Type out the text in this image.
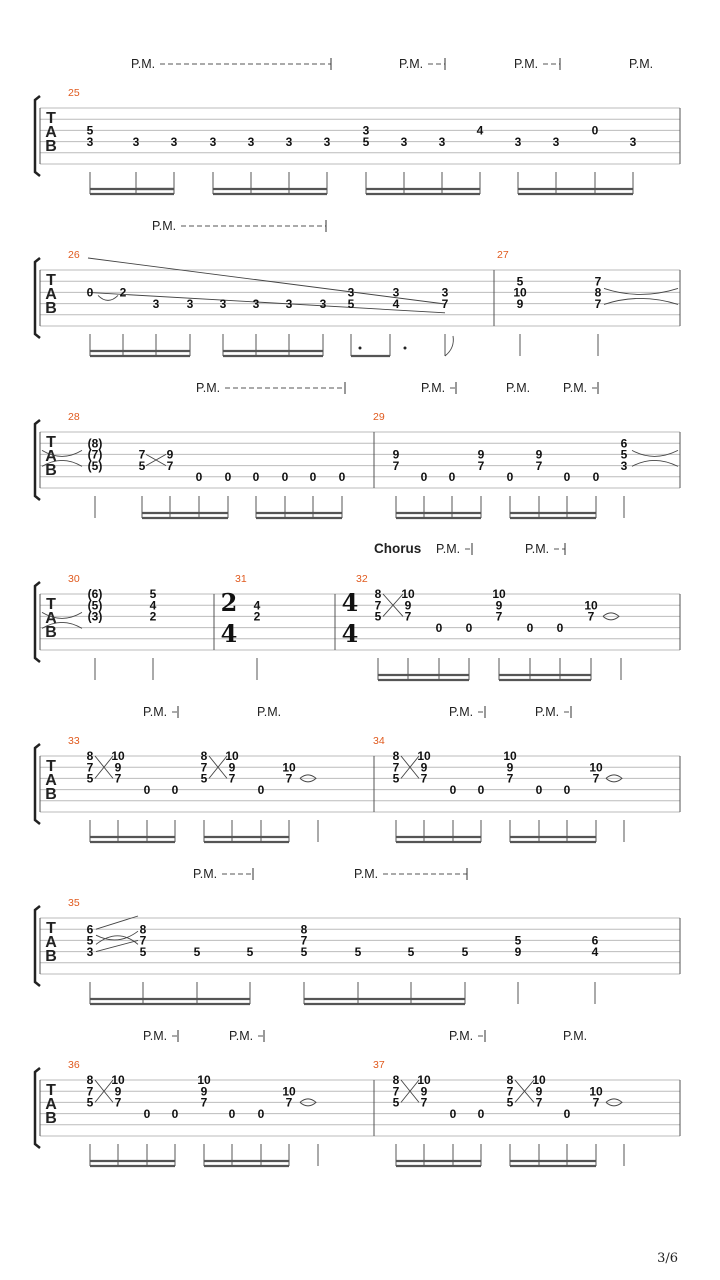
T
A
B
25
P.M.	P.M.	P.M.	P.M.
5
3	3	3	3	3	3	3
3
5	3	3
4
3	3
0
3
T
A
B
26	27
P.M.
0 2
3 3 3 3 3 3
3
5
3
4
3
7
5
10
9
7
8
7
T
A
B
28	29
P.M.	P.M.	P.M.	P.M.
(8)
(7)
(5)
7
5
9
7
0 0 0 0 0 0
9
7
0 0
9
7
0
9
7
0 0
6
5
3
T
A
B
30	31	32
Chorus P.M.	P.M.
(6)
(5)
(3)
5
4
2	2
4
4
2	4
4
8
7
5
10
9
7
0 0
10
9
7
0 0
10
7
T
A
B
33	34
P.M.	P.M.	P.M.	P.M.
8
7
5
10
9
7
0 0
8
7
5
10
9
7
0
10
7
8
7
5
10
9
7
0 0
10
9
7
0 0
10
7
T
A
B
35
P.M.	P.M.
6
5
3
8
7
5	5	5
8
7
5	5	5	5
5
9
6
4
T
A
B
36	37
P.M.	P.M.	P.M.	P.M.
8
7
5
10
9
7
0 0
10
9
7
0 0
10
7
8
7
5
10
9
7
0 0
8
7
5
10
9
7
0
10
7
3/6
